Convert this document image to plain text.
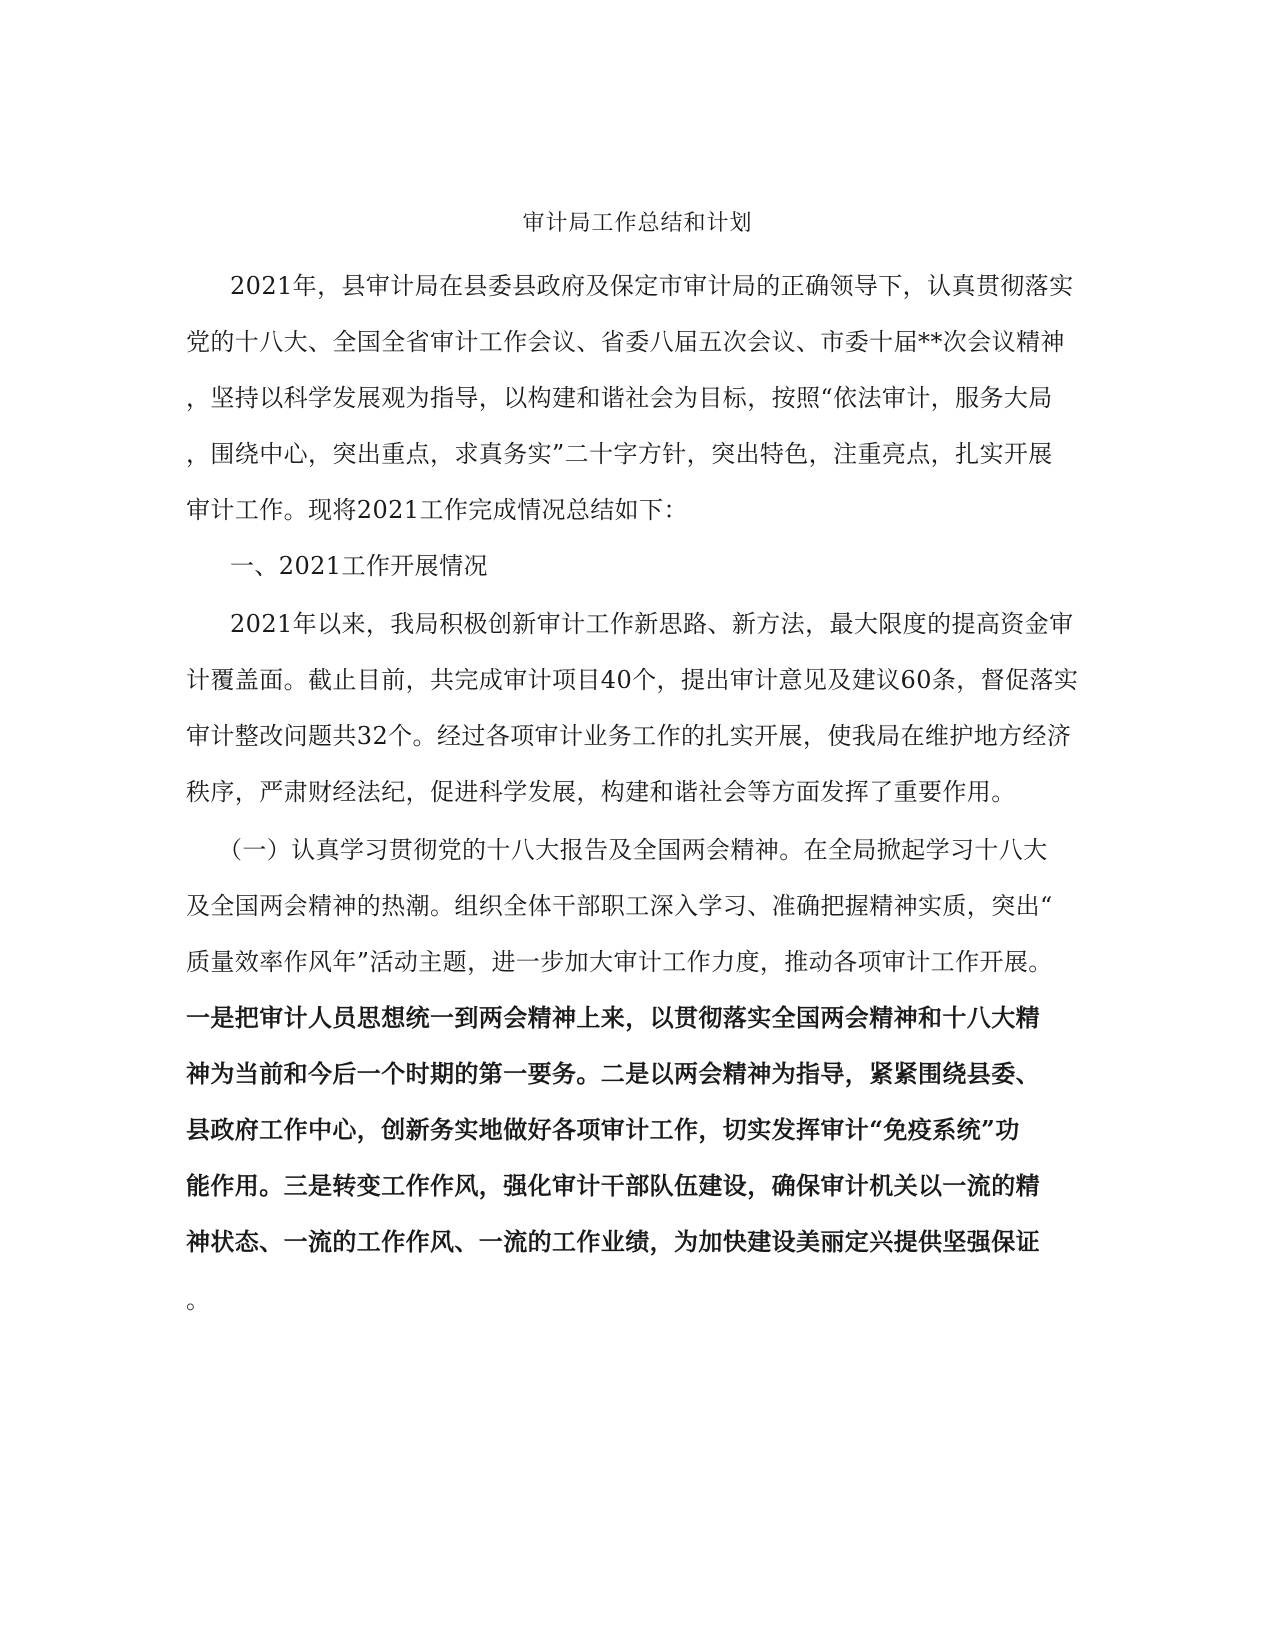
审计局工作总结和计划
2021年，县审计局在县委县政府及保定市审计局的正确领导下，认真贯彻落实
党的十八大、全国全省审计工作会议、省委八届五次会议、市委十届**次会议精神
，坚持以科学发展观为指导，以构建和谐社会为目标，按照“依法审计，服务大局
，围绕中心，突出重点，求真务实”二十字方针，突出特色，注重亮点，扎实开展
审计工作。现将2021工作完成情况总结如下：
一、2021工作开展情况
2021年以来，我局积极创新审计工作新思路、新方法，最大限度的提高资金审
计覆盖面。截止目前，共完成审计项目40个，提出审计意见及建议60条，督促落实
审计整改问题共32个。经过各项审计业务工作的扎实开展，使我局在维护地方经济
秩序，严肃财经法纪，促进科学发展，构建和谐社会等方面发挥了重要作用。
（一）认真学习贯彻党的十八大报告及全国两会精神。在全局掀起学习十八大
及全国两会精神的热潮。组织全体干部职工深入学习、准确把握精神实质，突出“
质量效率作风年”活动主题，进一步加大审计工作力度，推动各项审计工作开展。
一是把审计人员思想统一到两会精神上来，以贯彻落实全国两会精神和十八大精
神为当前和今后一个时期的第一要务。二是以两会精神为指导，紧紧围绕县委、
县政府工作中心，创新务实地做好各项审计工作，切实发挥审计“免疫系统”功
能作用。三是转变工作作风，强化审计干部队伍建设，确保审计机关以一流的精
神状态、一流的工作作风、一流的工作业绩，为加快建设美丽定兴提供坚强保证
。
